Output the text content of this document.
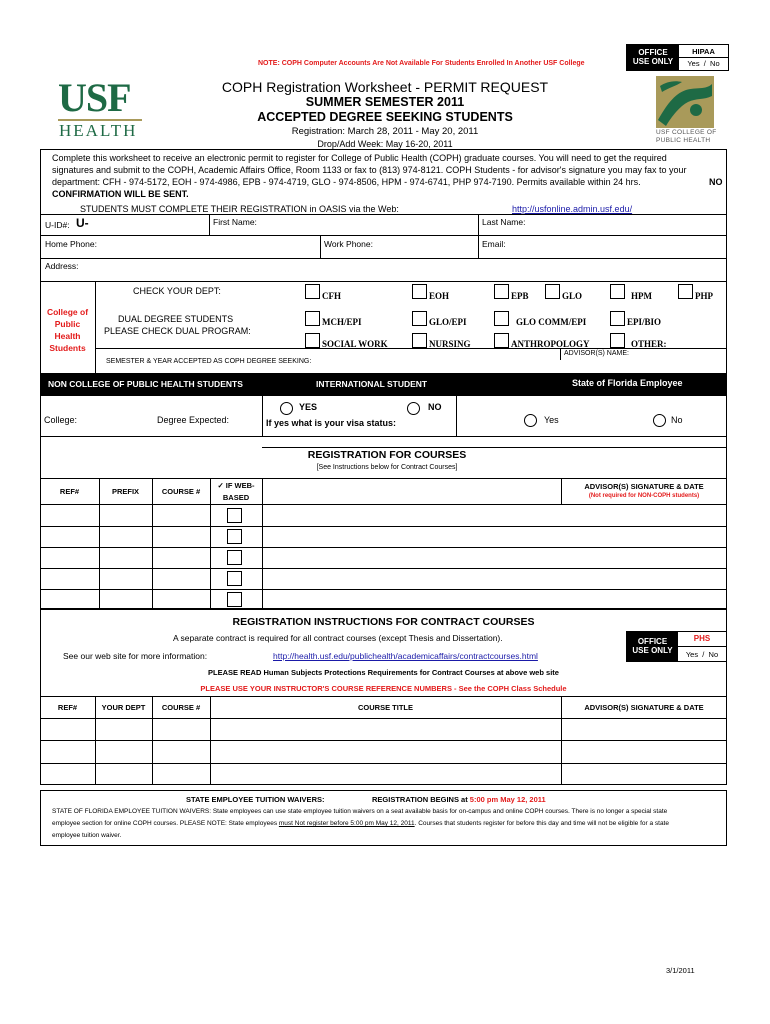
NOTE: COPH Computer Accounts Are Not Available For Students Enrolled In Another USF College
OFFICE
USE ONLY
HIPAA
Yes / No
USF
HEALTH	USF COLLEGE OF
PUBLIC HEALTH
COPH Registration Worksheet - PERMIT REQUEST
SUMMER SEMESTER 2011
ACCEPTED DEGREE SEEKING STUDENTS
Registration: March 28, 2011 - May 20, 2011
Drop/Add Week: May 16-20, 2011
Complete this worksheet to receive an electronic permit to register for College of Public Health (COPH) graduate courses. You will need to get the required
signatures and submit to the COPH, Academic Affairs Office, Room 1133 or fax to (813) 974-8121. COPH Students - for advisor's signature you may fax to your
department: CFH - 974-5172, EOH - 974-4986, EPB - 974-4719, GLO - 974-8506, HPM - 974-6741, PHP 974-7190. Permits available within 24 hrs.	NO
CONFIRMATION WILL BE SENT.
STUDENTS MUST COMPLETE THEIR REGISTRATION in OASIS via the Web:	http://usfonline.admin.usf.edu/
U-ID#: U-	First Name:	Last Name:
Home Phone:	Work Phone:	Email:
Address:
College of
Public
Health
Students
CHECK YOUR DEPT:	CFH	EOH	EPB	GLO	HPM	PHP
DUAL DEGREE STUDENTS
PLEASE CHECK DUAL PROGRAM:
MCH/EPI	GLO/EPI	GLO COMM/EPI	EPI/BIO
SOCIAL WORK	NURSING	ANTHROPOLOGY	OTHER:
ADVISOR(S) NAME:
SEMESTER & YEAR ACCEPTED AS COPH DEGREE SEEKING:
NON COLLEGE OF PUBLIC HEALTH STUDENTS	INTERNATIONAL STUDENT	State of Florida Employee
College:	Degree Expected:
YES	NO
If yes what is your visa status:	Yes	No
REGISTRATION FOR COURSES
[See Instructions below for Contract Courses]
REF#	PREFIX	COURSE #
✓ IF WEB-
BASED
ADVISOR(S) SIGNATURE & DATE
(Not required for NON-COPH students)
REGISTRATION INSTRUCTIONS FOR CONTRACT COURSES
A separate contract is required for all contract courses (except Thesis and Dissertation).
See our web site for more information:	http://health.usf.edu/publichealth/academicaffairs/contractcourses.html
OFFICE
USE ONLY
PHS
Yes / No
PLEASE READ Human Subjects Protections Requirements for Contract Courses at above web site
PLEASE USE YOUR INSTRUCTOR'S COURSE REFERENCE NUMBERS - See the COPH Class Schedule
REF#	YOUR DEPT	COURSE #	COURSE TITLE	ADVISOR(S) SIGNATURE & DATE
STATE EMPLOYEE TUITION WAIVERS:	REGISTRATION BEGINS at 5:00 pm May 12, 2011
STATE OF FLORIDA EMPLOYEE TUITION WAIVERS: State employees can use state employee tuition waivers on a seat available basis for on-campus and online COPH courses. There is no longer a special state
employee section for online COPH courses. PLEASE NOTE: State employees must Not register before 5:00 pm May 12, 2011. Courses that students register for before this day and time will not be eligible for a state
employee tuition waiver.
3/1/2011
